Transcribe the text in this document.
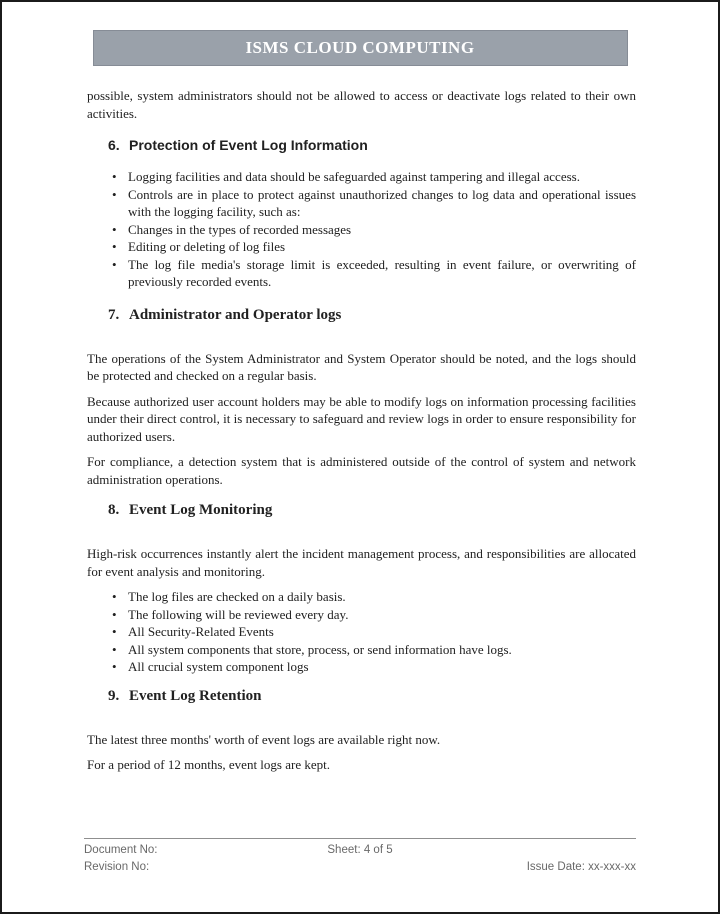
ISMS CLOUD COMPUTING

possible, system administrators should not be allowed to access or deactivate logs related to their own activities.

6. Protection of Event Log Information
• Logging facilities and data should be safeguarded against tampering and illegal access.
• Controls are in place to protect against unauthorized changes to log data and operational issues with the logging facility, such as:
• Changes in the types of recorded messages
• Editing or deleting of log files
• The log file media's storage limit is exceeded, resulting in event failure, or overwriting of previously recorded events.
7. Administrator and Operator logs

The operations of the System Administrator and System Operator should be noted, and the logs should be protected and checked on a regular basis.

Because authorized user account holders may be able to modify logs on information processing facilities under their direct control, it is necessary to safeguard and review logs in order to ensure responsibility for authorized users.

For compliance, a detection system that is administered outside of the control of system and network administration operations.

8. Event Log Monitoring

High-risk occurrences instantly alert the incident management process, and responsibilities are allocated for event analysis and monitoring.

• The log files are checked on a daily basis.
• The following will be reviewed every day.
• All Security-Related Events
• All system components that store, process, or send information have logs.
• All crucial system component logs
9. Event Log Retention

The latest three months' worth of event logs are available right now.

For a period of 12 months, event logs are kept.

Document No:	Sheet: 4 of 5
Revision No:	Issue Date: xx-xxx-xx
